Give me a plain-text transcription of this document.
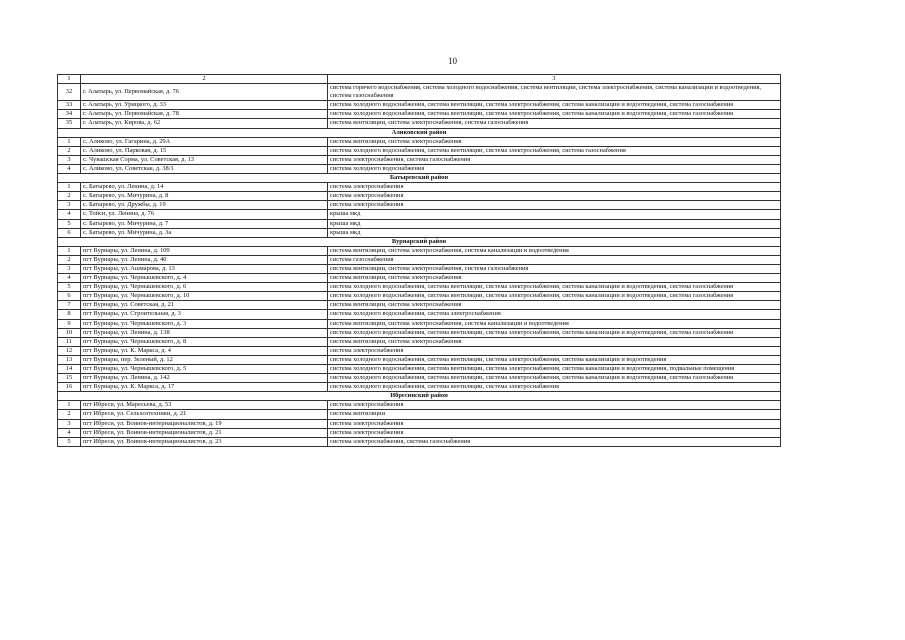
10
1	2	3
32	г. Алатырь, ул. Первомайская, д. 76	система горячего водоснабжения, система холодного водоснабжения, система вентиляции, система электроснабжения, система канализации и водоотведения, система газоснабжения
33	г. Алатырь, ул. Урицкого, д. 33	система холодного водоснабжения, система вентиляции, система электроснабжения, система канализации и водоотведения, система газоснабжения
34	г. Алатырь, ул. Первомайская, д. 78	система холодного водоснабжения, система вентиляции, система электроснабжения, система канализации и водоотведения, система газоснабжения
35	г. Алатырь, ул. Кирова, д. 62	система вентиляции, система электроснабжения, система газоснабжения
Аликовский район		
1	с. Аликово, ул. Гагарина, д. 29А	система вентиляции, система электроснабжения
2	с. Аликово, ул. Парковая, д. 15	система холодного водоснабжения, система вентиляции, система электроснабжения, система газоснабжения
3	с. Чувашская Сорма, ул. Советская, д. 13	система электроснабжения, система газоснабжения
4	с. Аликово, ул. Советская, д. 38/1	система холодного водоснабжения
Батыревский район		
1	с. Батырево, ул. Ленина, д. 14	система электроснабжения
2	с. Батырево, ул. Мичурина, д. 8	система электроснабжения
3	с. Батырево, ул. Дружбы, д. 19	система электроснабжения
4	с. Тойси, ул. Ленина, д. 76	крыша мкд
5	с. Батырево, ул. Мичурина, д. 7	крыша мкд
6	с. Батырево, ул. Мичурина, д. 3а	крыша мкд
Вурнарский район		
1	пгт Вурнары, ул. Ленина, д. 109	система вентиляции, система электроснабжения, система канализации и водоотведения
2	пгт Вурнары, ул. Ленина, д. 40	система газоснабжения
3	пгт Вурнары, ул. Ашмарова, д. 13	система вентиляции, система электроснабжения, система газоснабжения
4	пгт Вурнары, ул. Чернышевского, д. 4	система вентиляции, система электроснабжения
5	пгт Вурнары, ул. Чернышевского, д. 6	система холодного водоснабжения, система вентиляции, система электроснабжения, система канализации и водоотведения, система газоснабжения
6	пгт Вурнары, ул. Чернышевского, д. 10	система холодного водоснабжения, система вентиляции, система электроснабжения, система канализации и водоотведения, система газоснабжения
7	пгт Вурнары, ул. Советская, д. 21	система вентиляции, система электроснабжения
8	пгт Вурнары, ул. Строительная, д. 3	система холодного водоснабжения, система электроснабжения
9	пгт Вурнары, ул. Чернышевского, д. 3	система вентиляции, система электроснабжения, система канализации и водоотведения
10	пгт Вурнары, ул. Ленина, д. 138	система холодного водоснабжения, система вентиляции, система электроснабжения, система канализации и водоотведения, система газоснабжения
11	пгт Вурнары, ул. Чернышевского, д. 8	система вентиляции, система электроснабжения
12	пгт Вурнары, ул. К. Маркса, д. 4	система электроснабжения
13	пгт Вурнары, пер. Зеленый, д. 12	система холодного водоснабжения, система вентиляции, система электроснабжения, система канализации и водоотведения
14	пгт Вурнары, ул. Чернышевского, д. 5	система холодного водоснабжения, система вентиляции, система электроснабжения, система канализации и водоотведения, подвальные помещения
15	пгт Вурнары, ул. Ленина, д. 142	система холодного водоснабжения, система вентиляции, система электроснабжения, система канализации и водоотведения, система газоснабжения
16	пгт Вурнары, ул. К. Маркса, д. 17	система холодного водоснабжения, система вентиляции, система электроснабжения
Ибресинский район		
1	пгт Ибреси, ул. Маресьева, д. 53	система электроснабжения
2	пгт Ибреси, ул. Сельхозтехники, д. 21	система вентиляции
3	пгт Ибреси, ул. Воинов-интернационалистов, д. 19	система электроснабжения
4	пгт Ибреси, ул. Воинов-интернационалистов, д. 21	система электроснабжения
5	пгт Ибреси, ул. Воинов-интернационалистов, д. 23	система электроснабжения, система газоснабжения
